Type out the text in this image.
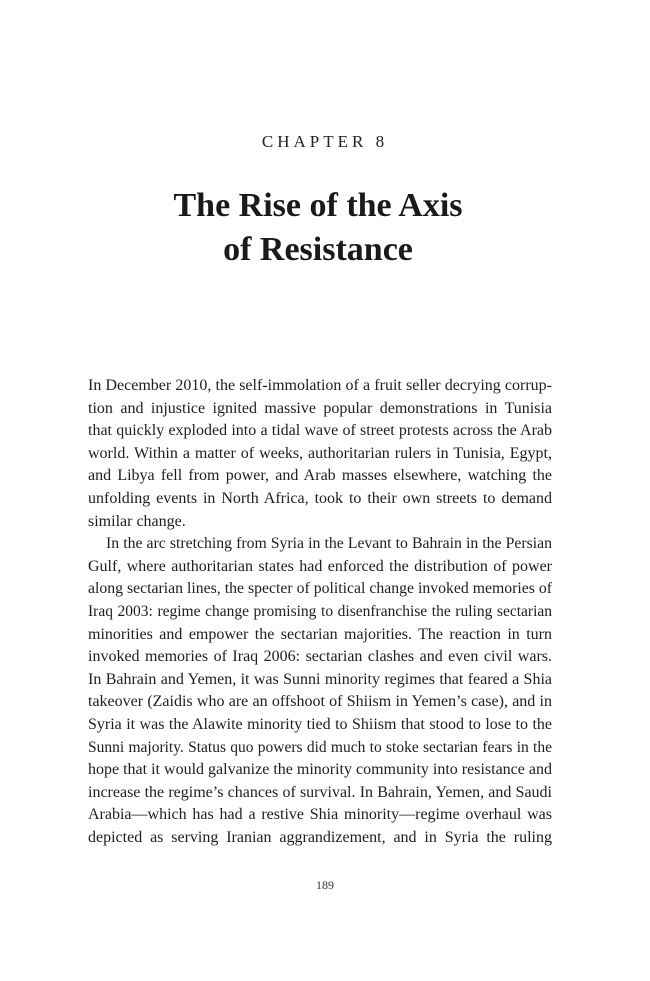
CHAPTER 8
The Rise of the Axis
of Resistance
In December 2010, the self-immolation of a fruit seller decrying corrup-
tion and injustice ignited massive popular demonstrations in Tunisia
that quickly exploded into a tidal wave of street protests across the Arab
world. Within a matter of weeks, authoritarian rulers in Tunisia, Egypt,
and Libya fell from power, and Arab masses elsewhere, watching the
unfolding events in North Africa, took to their own streets to demand
similar change.
In the arc stretching from Syria in the Levant to Bahrain in the Persian
Gulf, where authoritarian states had enforced the distribution of power
along sectarian lines, the specter of political change invoked memories of
Iraq 2003: regime change promising to disenfranchise the ruling sectarian
minorities and empower the sectarian majorities. The reaction in turn
invoked memories of Iraq 2006: sectarian clashes and even civil wars.
In Bahrain and Yemen, it was Sunni minority regimes that feared a Shia
takeover (Zaidis who are an offshoot of Shiism in Yemen’s case), and in
Syria it was the Alawite minority tied to Shiism that stood to lose to the
Sunni majority. Status quo powers did much to stoke sectarian fears in the
hope that it would galvanize the minority community into resistance and
increase the regime’s chances of survival. In Bahrain, Yemen, and Saudi
Arabia—which has had a restive Shia minority—regime overhaul was
depicted as serving Iranian aggrandizement, and in Syria the ruling
189
